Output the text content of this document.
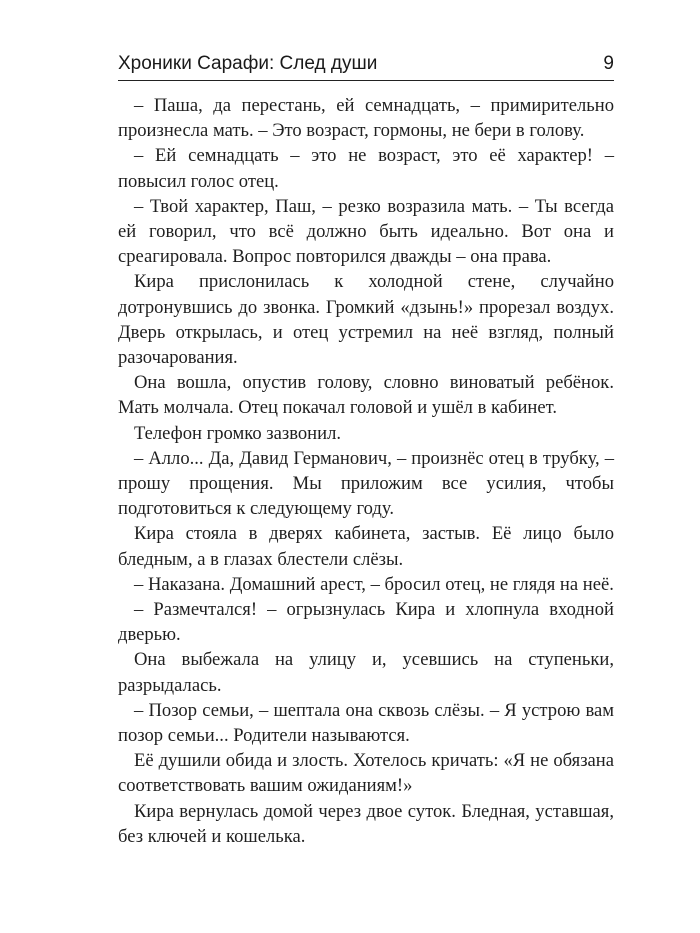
Хроники Сарафи: След души	9

– Паша, да перестань, ей семнадцать, – примирительно произнесла мать. – Это возраст, гормоны, не бери в голову.

– Ей семнадцать – это не возраст, это её характер! – повысил голос отец.

– Твой характер, Паш, – резко возразила мать. – Ты всегда ей говорил, что всё должно быть идеально. Вот она и среагировала. Вопрос повторился дважды – она права.

Кира прислонилась к холодной стене, случайно дотронувшись до звонка. Громкий «дзынь!» прорезал воздух. Дверь открылась, и отец устремил на неё взгляд, полный разочарования.

Она вошла, опустив голову, словно виноватый ребёнок. Мать молчала. Отец покачал головой и ушёл в кабинет.

Телефон громко зазвонил.

– Алло... Да, Давид Германович, – произнёс отец в трубку, – прошу прощения. Мы приложим все усилия, чтобы подготовиться к следующему году.

Кира стояла в дверях кабинета, застыв. Её лицо было бледным, а в глазах блестели слёзы.

– Наказана. Домашний арест, – бросил отец, не глядя на неё.

– Размечтался! – огрызнулась Кира и хлопнула входной дверью.

Она выбежала на улицу и, усевшись на ступеньки, разрыдалась.

– Позор семьи, – шептала она сквозь слёзы. – Я устрою вам позор семьи... Родители называются.

Её душили обида и злость. Хотелось кричать: «Я не обязана соответствовать вашим ожиданиям!»

Кира вернулась домой через двое суток. Бледная, уставшая, без ключей и кошелька.
